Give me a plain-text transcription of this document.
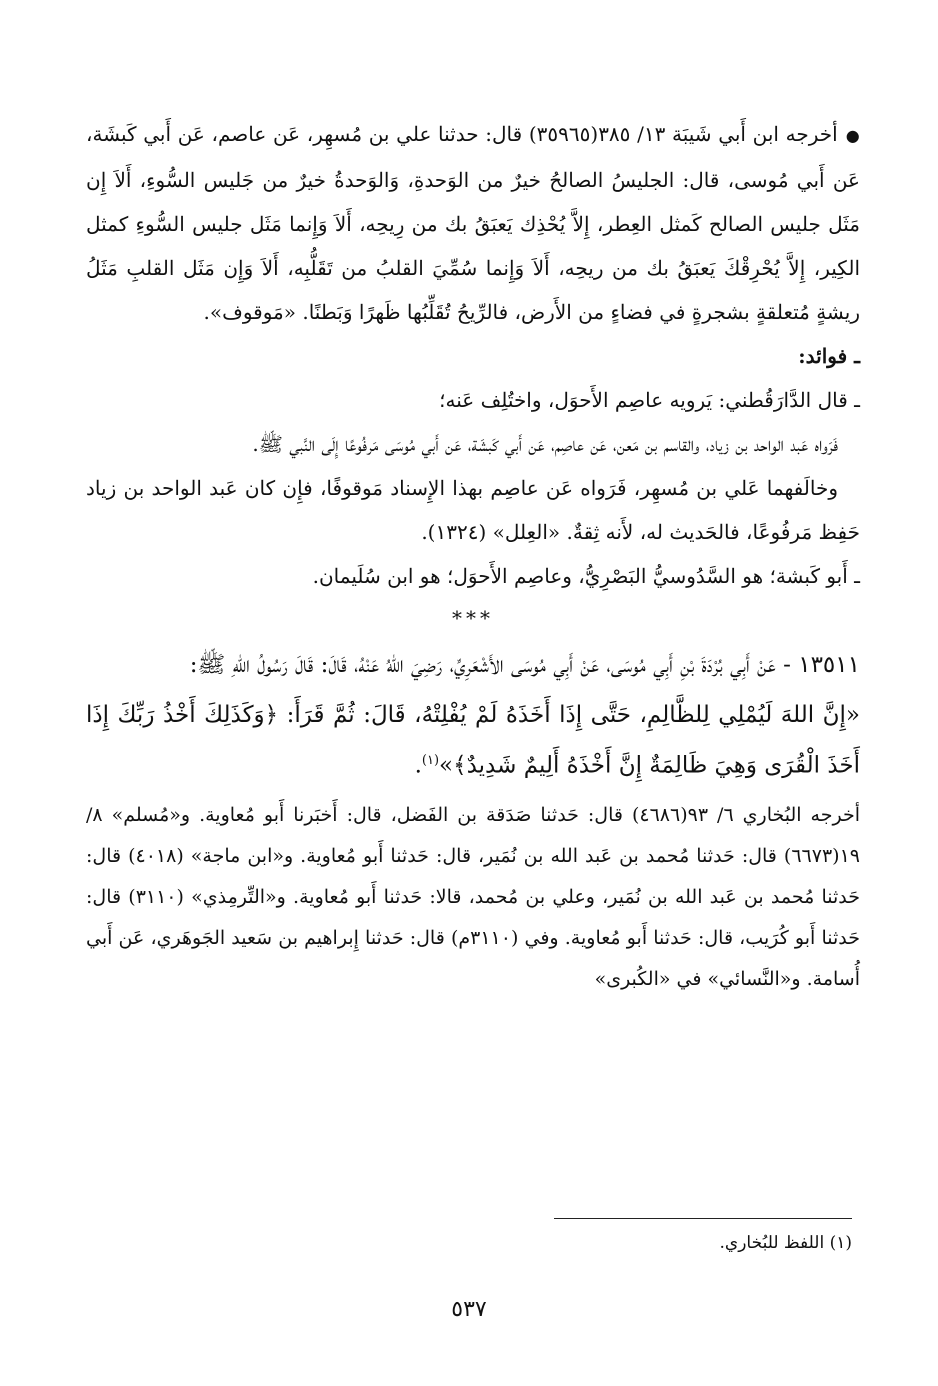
●أخرجه ابن أَبي شَيبَة ١٣/ ٣٨٥(٣٥٩٦٥) قال: حدثنا علي بن مُسهِر، عَن عاصم، عَن أَبي كَبشَة، عَن أَبي مُوسى، قال: الجليسُ الصالحُ خيرٌ من الوَحدةِ، وَالوَحدةُ خيرٌ من جَليس السُّوءِ، أَلاَ إِن مَثَل جليس الصالح كَمثل العِطر، إِلاَّ يُحْذِك يَعبَقُ بك من رِيحِه، أَلاَ وَإِنما مَثَل جليس السُّوءِ كمثل الكِير، إِلاَّ يُحْرِقْكَ يَعبَقُ بك من ريحِه، أَلاَ وَإِنما سُمِّيَ القلبُ من تَقَلُّبِه، أَلاَ وَإِن مَثَل القلبِ مَثَلُ ريشةٍ مُتعلقةٍ بشجرةٍ في فضاءٍ من الأَرض، فالرِّيحُ تُقَلِّبُها ظَهرًا وَبَطنًا. «مَوقوف».

ـ فوائد:

ـ قال الدَّارَقُطني: يَرويه عاصِم الأَحوَل، واختُلِف عَنه؛

فَرَواه عَبد الواحد بن زياد، والقاسم بن مَعن، عَن عاصِم، عَن أَبي كَبشَة، عَن أَبي مُوسَى مَرفُوعًا إِلَى النَّبي ﷺ.

وخالَفهما عَلي بن مُسهِر، فَرَواه عَن عاصِم بهذا الإِسناد مَوقوفًا، فإِن كان عَبد الواحد بن زياد حَفِظ مَرفُوعًا، فالحَديث له، لأَنه ثِقةٌ. «العِلل» (١٣٢٤).

ـ أَبو كَبشة؛ هو السَّدُوسيُّ البَصْرِيُّ، وعاصِم الأَحوَل؛ هو ابن سُلَيمان.

***

١٣٥١١ - عَنْ أَبِي بُرْدَةَ بْنِ أَبِي مُوسَى، عَنْ أَبِي مُوسَى الأَشْعَرِيِّ، رَضِيَ اللهُ عَنْهُ، قَالَ: قَالَ رَسُولُ اللهِ ﷺ:

«إِنَّ اللهَ لَيُمْلِي لِلظَّالِمِ، حَتَّى إِذَا أَخَذَهُ لَمْ يُفْلِتْهُ، قَالَ: ثُمَّ قَرَأَ: ﴿وَكَذَلِكَ أَخْذُ رَبِّكَ إِذَا أَخَذَ الْقُرَى وَهِيَ ظَالِمَةٌ إِنَّ أَخْذَهُ أَلِيمٌ شَدِيدٌ﴾»$^{(١)}$.

أخرجه البُخاري ٦/ ٩٣(٤٦٨٦) قال: حَدثنا صَدَقة بن الفَضل، قال: أَخبَرنا أَبو مُعاوية. و«مُسلم» ٨/ ١٩(٦٦٧٣) قال: حَدثنا مُحمد بن عَبد الله بن نُمَير، قال: حَدثنا أَبو مُعاوية. و«ابن ماجة» (٤٠١٨) قال: حَدثنا مُحمد بن عَبد الله بن نُمَير، وعلي بن مُحمد، قالا: حَدثنا أَبو مُعاوية. و«التِّرمِذي» (٣١١٠) قال: حَدثنا أَبو كُرَيب، قال: حَدثنا أَبو مُعاوية. وفي (٣١١٠م) قال: حَدثنا إِبراهيم بن سَعيد الجَوهَري، عَن أَبي أُسامة. و«النَّسائي» في «الكُبرى»

(١) اللفظ للبُخاري.
٥٣٧
